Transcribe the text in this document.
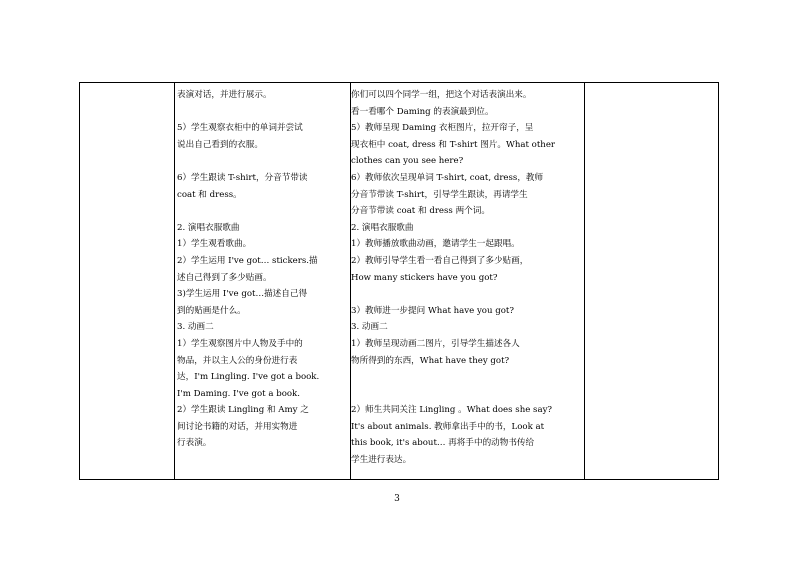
表演对话，并进行展示。
5）学生观察衣柜中的单词并尝试
说出自己看到的衣服。
6）学生跟读 T-shirt，分音节带读
coat 和 dress。
2. 演唱衣服歌曲
1）学生观看歌曲。
2）学生运用 I've got… stickers.描
述自己得到了多少贴画。
3)学生运用 I've got…描述自己得
到的贴画是什么。
3. 动画二
1）学生观察图片中人物及手中的
物品，并以主人公的身份进行表
达，I'm Lingling. I've got a book.
I'm Daming. I've got a book.
2）学生跟读 Lingling 和 Amy 之
间讨论书籍的对话，并用实物进
行表演。
你们可以四个同学一组，把这个对话表演出来。
看一看哪个 Daming 的表演最到位。
5）教师呈现 Daming 衣柜图片，拉开帘子，呈
现衣柜中 coat, dress 和 T-shirt 图片。What other
clothes can you see here?
6）教师依次呈现单词 T-shirt, coat, dress，教师
分音节带读 T-shirt，引导学生跟读，再请学生
分音节带读 coat 和 dress 两个词。
2. 演唱衣服歌曲
1）教师播放歌曲动画，邀请学生一起跟唱。
2）教师引导学生看一看自己得到了多少贴画，
How many stickers have you got?
3）教师进一步提问 What have you got?
3. 动画二
1）教师呈现动画二图片，引导学生描述各人
物所得到的东西，What have they got?
2）师生共同关注 Lingling 。What does she say?
It's about animals. 教师拿出手中的书，Look at
this book, it's about… 再将手中的动物书传给
学生进行表达。
3
